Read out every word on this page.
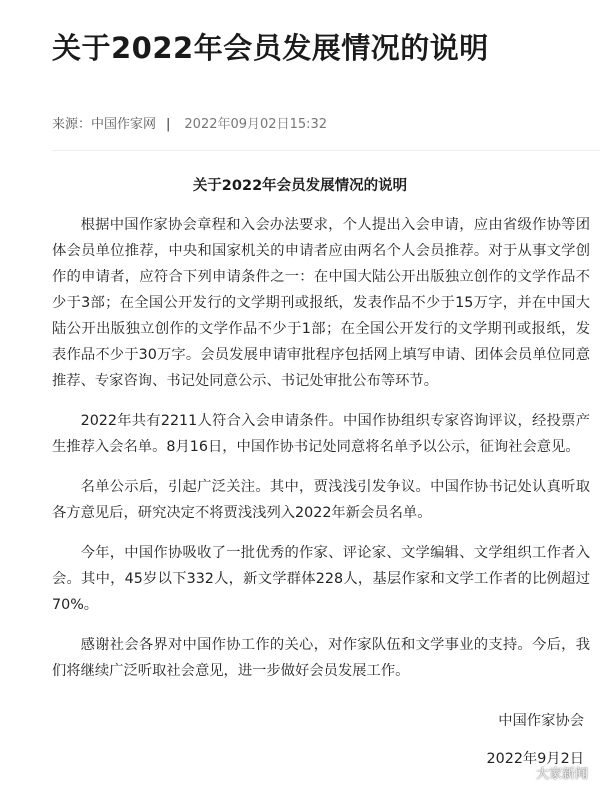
关于2022年会员发展情况的说明
来源：中国作家网 | 2022年09月02日15:32
关于2022年会员发展情况的说明

根据中国作家协会章程和入会办法要求，个人提出入会申请，应由省级作协等团体会员单位推荐，中央和国家机关的申请者应由两名个人会员推荐。对于从事文学创作的申请者，应符合下列申请条件之一：在中国大陆公开出版独立创作的文学作品不少于3部；在全国公开发行的文学期刊或报纸，发表作品不少于15万字，并在中国大陆公开出版独立创作的文学作品不少于1部；在全国公开发行的文学期刊或报纸，发表作品不少于30万字。会员发展申请审批程序包括网上填写申请、团体会员单位同意推荐、专家咨询、书记处同意公示、书记处审批公布等环节。

2022年共有2211人符合入会申请条件。中国作协组织专家咨询评议，经投票产生推荐入会名单。8月16日，中国作协书记处同意将名单予以公示，征询社会意见。

名单公示后，引起广泛关注。其中，贾浅浅引发争议。中国作协书记处认真听取各方意见后，研究决定不将贾浅浅列入2022年新会员名单。

今年，中国作协吸收了一批优秀的作家、评论家、文学编辑、文学组织工作者入会。其中，45岁以下332人，新文学群体228人，基层作家和文学工作者的比例超过70%。

感谢社会各界对中国作协工作的关心，对作家队伍和文学事业的支持。今后，我们将继续广泛听取社会意见，进一步做好会员发展工作。

中国作家协会
2022年9月2日
大家新闻
